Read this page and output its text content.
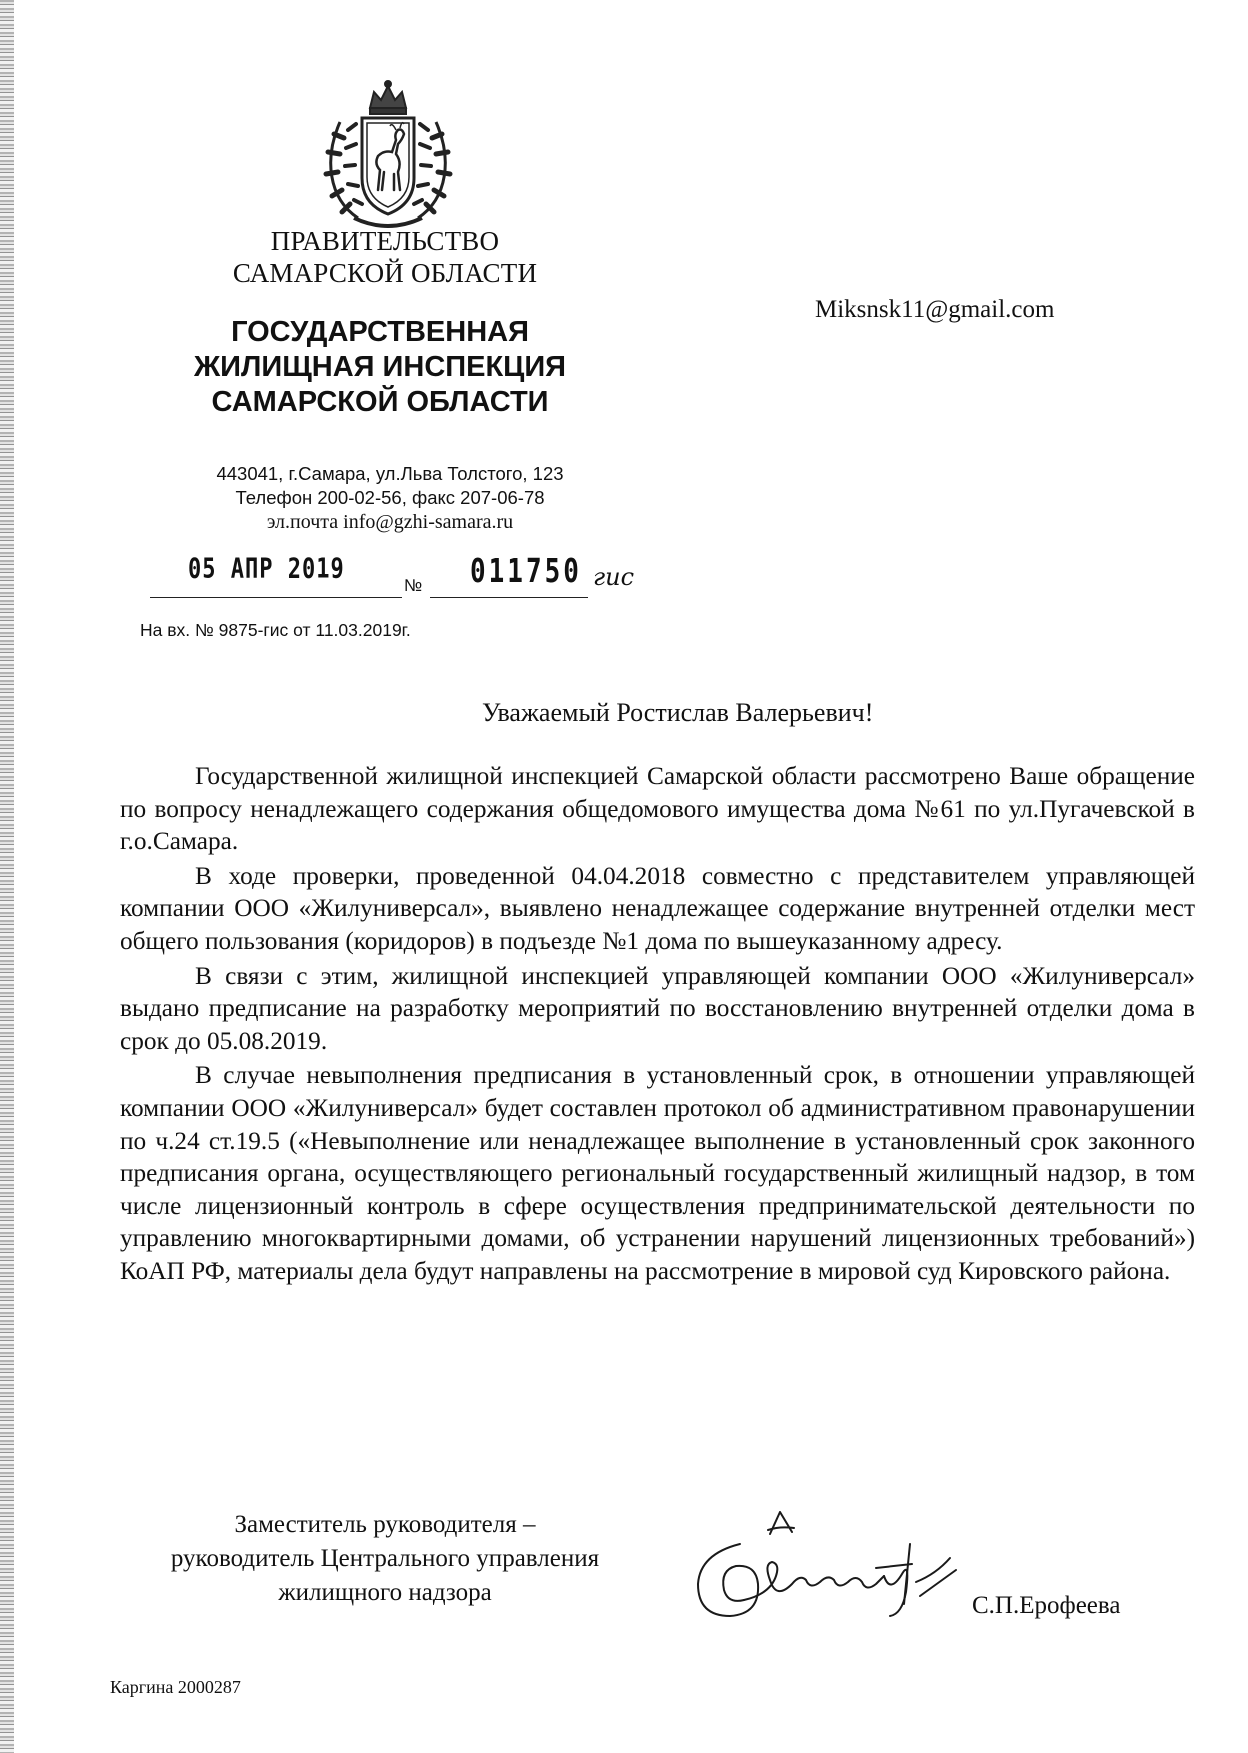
ПРАВИТЕЛЬСТВО
САМАРСКОЙ ОБЛАСТИ
ГОСУДАРСТВЕННАЯ
ЖИЛИЩНАЯ ИНСПЕКЦИЯ
САМАРСКОЙ ОБЛАСТИ
443041, г.Самара, ул.Льва Толстого, 123
Телефон 200-02-56, факс 207-06-78
эл.почта info@gzhi-samara.ru
Miksnsk11@gmail.com
05 АПР 2019
№ 011750 гис
На вх. № 9875-гис от 11.03.2019г.
Уважаемый Ростислав Валерьевич!

Государственной жилищной инспекцией Самарской области рассмотрено Ваше обращение по вопросу ненадлежащего содержания общедомового имущества дома №61 по ул.Пугачевской в г.о.Самара.

В ходе проверки, проведенной 04.04.2018 совместно с представителем управляющей компании ООО «Жилуниверсал», выявлено ненадлежащее содержание внутренней отделки мест общего пользования (коридоров) в подъезде №1 дома по вышеуказанному адресу.

В связи с этим, жилищной инспекцией управляющей компании ООО «Жилуниверсал» выдано предписание на разработку мероприятий по восстановлению внутренней отделки дома в срок до 05.08.2019.

В случае невыполнения предписания в установленный срок, в отношении управляющей компании ООО «Жилуниверсал» будет составлен протокол об административном правонарушении по ч.24 ст.19.5 («Невыполнение или ненадлежащее выполнение в установленный срок законного предписания органа, осуществляющего региональный государственный жилищный надзор, в том числе лицензионный контроль в сфере осуществления предпринимательской деятельности по управлению многоквартирными домами, об устранении нарушений лицензионных требований») КоАП РФ, материалы дела будут направлены на рассмотрение в мировой суд Кировского района.

Заместитель руководителя –
руководитель Центрального управления
жилищного надзора	С.П.Ерофеева
Каргина 2000287
